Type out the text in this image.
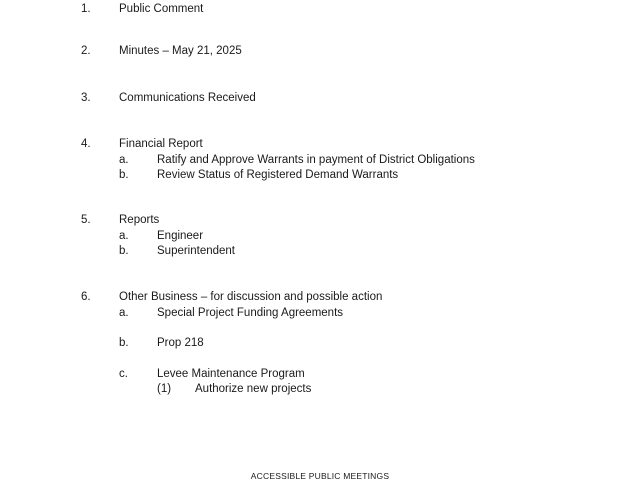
1. Public Comment
2. Minutes – May 21, 2025
3. Communications Received
4. Financial Report
a. Ratify and Approve Warrants in payment of District Obligations
b. Review Status of Registered Demand Warrants
5. Reports
a. Engineer
b. Superintendent
6. Other Business – for discussion and possible action
a. Special Project Funding Agreements
b. Prop 218
c.	Levee Maintenance Program
(1) Authorize new projects
ACCESSIBLE PUBLIC MEETINGS
